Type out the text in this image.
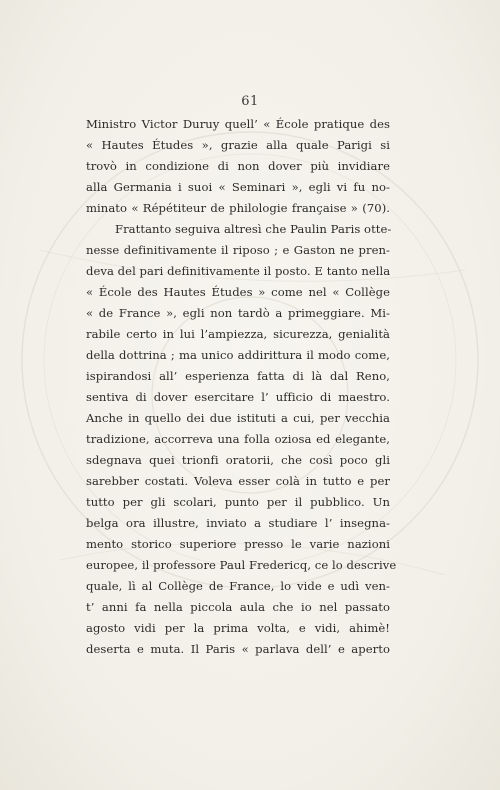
61
Ministro Victor Duruy quell’ « École pratique des
« Hautes Études », grazie alla quale Parigi si
trovò in condizione di non dover più invidiare
alla Germania i suoi « Seminari », egli vi fu no-
minato « Répétiteur de philologie française » (70).
Frattanto seguiva altresì che Paulin Paris otte-
nesse definitivamente il riposo ; e Gaston ne pren-
deva del pari definitivamente il posto. E tanto nella
« École des Hautes Études » come nel « Collège
« de France », egli non tardò a primeggiare. Mi-
rabile certo in lui l’ampiezza, sicurezza, genialità
della dottrina ; ma unico addirittura il modo come,
ispirandosi all’ esperienza fatta di là dal Reno,
sentiva di dover esercitare l’ ufficio di maestro.
Anche in quello dei due istituti a cui, per vecchia
tradizione, accorreva una folla oziosa ed elegante,
sdegnava quei trionfi oratorii, che così poco gli
sarebber costati. Voleva esser colà in tutto e per
tutto per gli scolari, punto per il pubblico. Un
belga ora illustre, inviato a studiare l’ insegna-
mento storico superiore presso le varie nazioni
europee, il professore Paul Fredericq, ce lo descrive
quale, lì al Collège de France, lo vide e udì ven-
t’ anni fa nella piccola aula che io nel passato
agosto vidi per la prima volta, e vidi, ahimè!
deserta e muta. Il Paris « parlava dell’ e aperto
